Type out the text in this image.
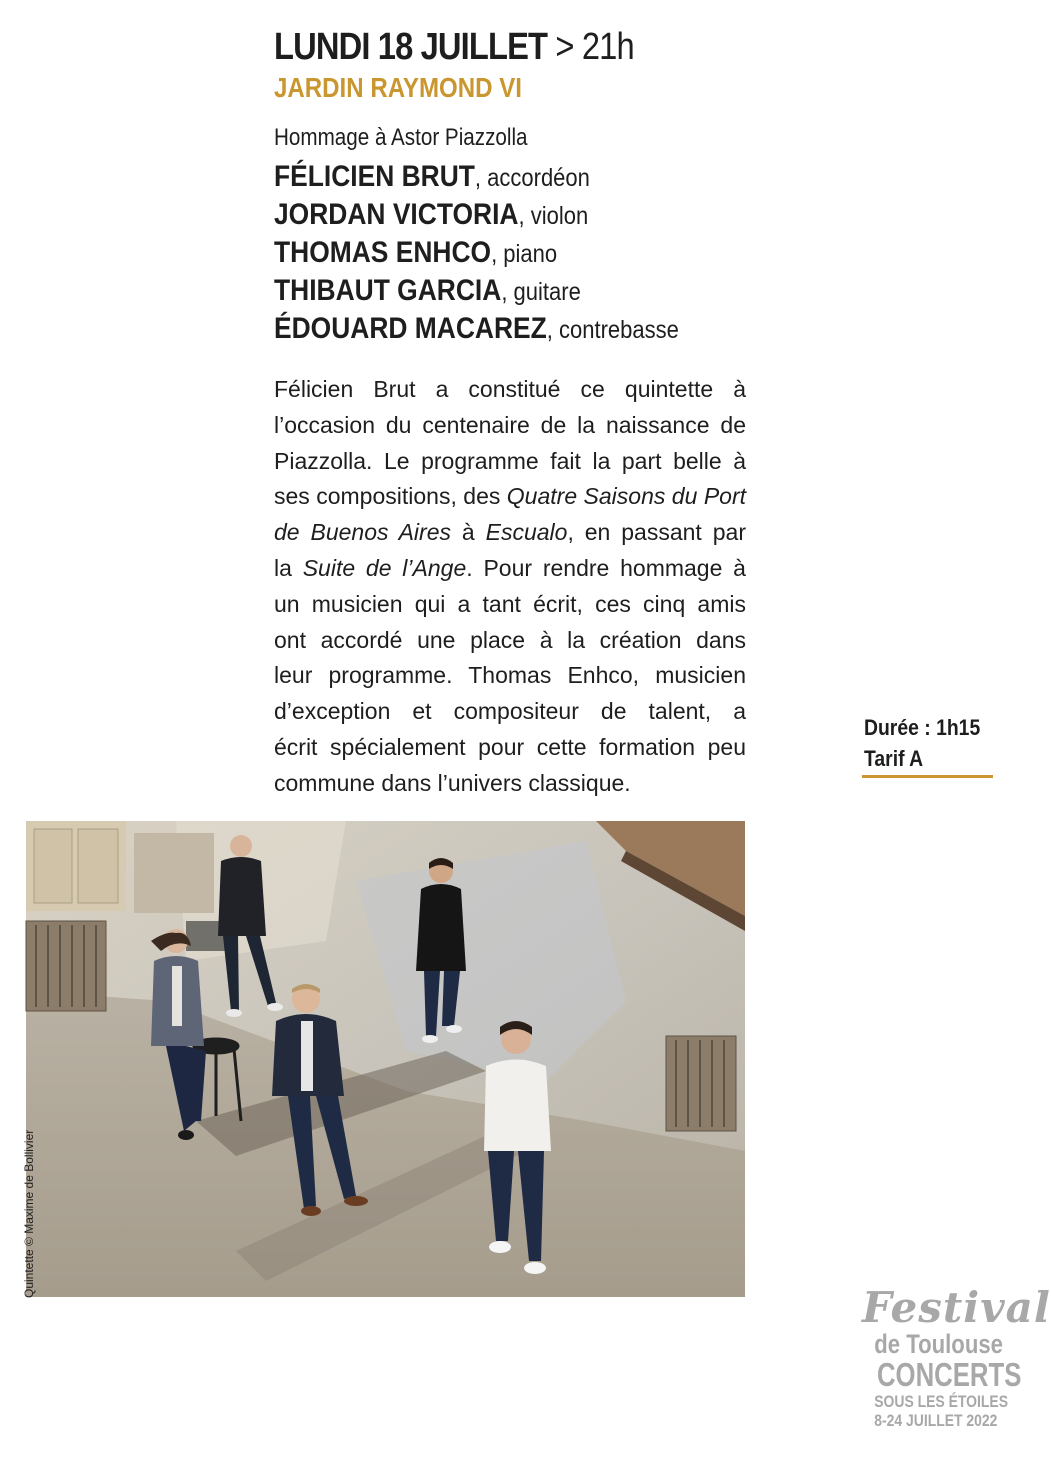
LUNDI 18 JUILLET > 21h
JARDIN RAYMOND VI
Hommage à Astor Piazzolla
FÉLICIEN BRUT, accordéon
JORDAN VICTORIA, violon
THOMAS ENHCO, piano
THIBAUT GARCIA, guitare
ÉDOUARD MACAREZ, contrebasse
Félicien Brut a constitué ce quintette à
l’occasion du centenaire de la naissance de
Piazzolla. Le programme fait la part belle à
ses compositions, des Quatre Saisons du Port
de Buenos Aires à Escualo, en passant par
la Suite de l’Ange. Pour rendre hommage à
un musicien qui a tant écrit, ces cinq amis
ont accordé une place à la création dans
leur programme. Thomas Enhco, musicien
d’exception et compositeur de talent, a
écrit spécialement pour cette formation peu
commune dans l’univers classique.
Durée : 1h15
Tarif A
Quintette © Maxime de Bollivier
Festival
de Toulouse
CONCERTS
SOUS LES ÉTOILES
8-24 JUILLET 2022
